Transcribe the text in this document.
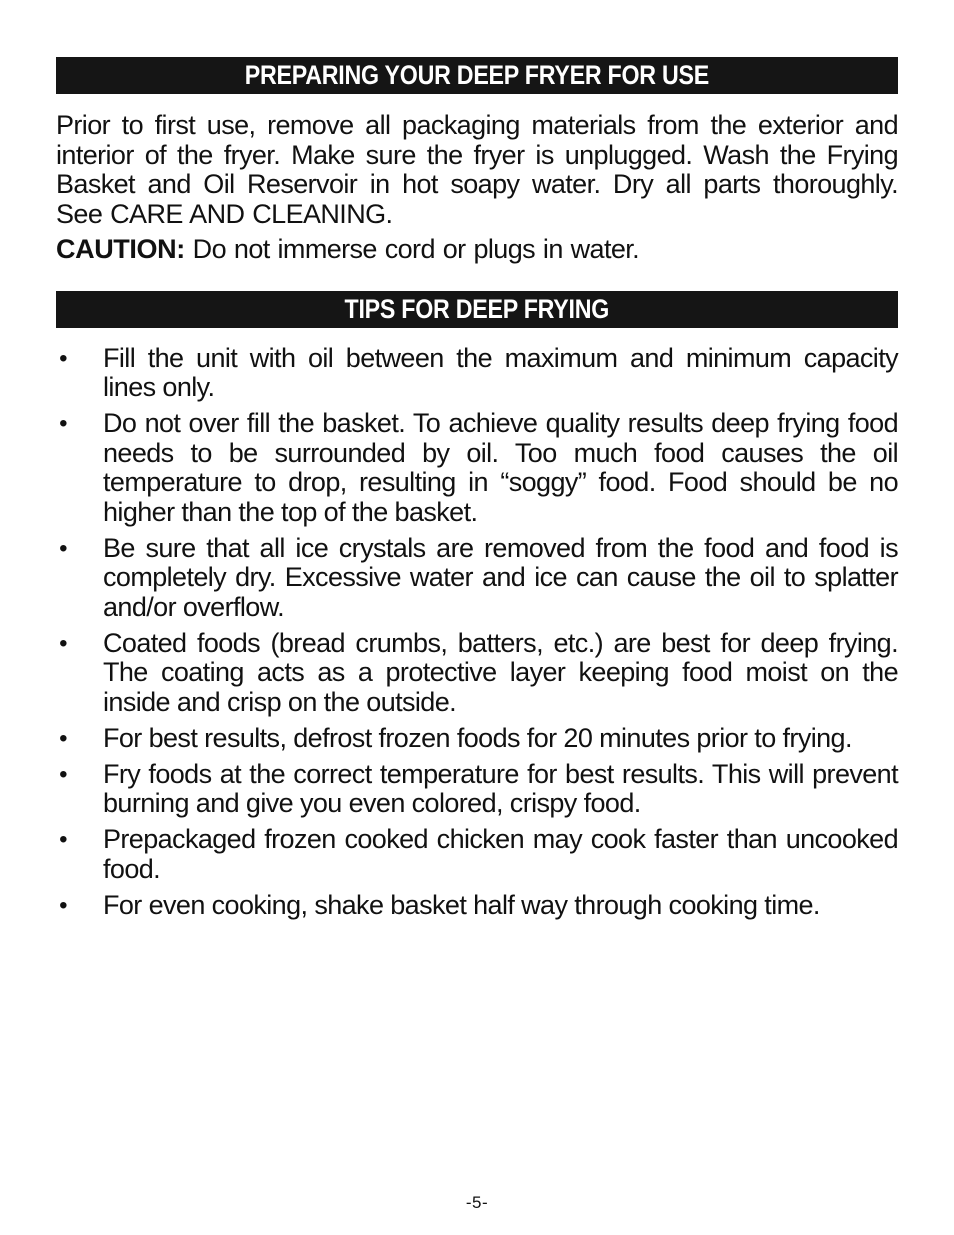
PREPARING YOUR DEEP FRYER FOR USE

Prior to first use, remove all packaging materials from the exterior and interior of the fryer. Make sure the fryer is unplugged. Wash the Frying Basket and Oil Reservoir in hot soapy water. Dry all parts thoroughly. See CARE AND CLEANING.

CAUTION: Do not immerse cord or plugs in water.

TIPS FOR DEEP FRYING
• Fill the unit with oil between the maximum and minimum capacity lines only.
• Do not over fill the basket. To achieve quality results deep frying food needs to be surrounded by oil. Too much food causes the oil temperature to drop, resulting in “soggy” food. Food should be no higher than the top of the basket.
• Be sure that all ice crystals are removed from the food and food is completely dry. Excessive water and ice can cause the oil to splatter and/or overflow.
• Coated foods (bread crumbs, batters, etc.) are best for deep frying. The coating acts as a protective layer keeping food moist on the inside and crisp on the outside.
• For best results, defrost frozen foods for 20 minutes prior to frying.
• Fry foods at the correct temperature for best results. This will prevent burning and give you even colored, crispy food.
• Prepackaged frozen cooked chicken may cook faster than uncooked food.
• For even cooking, shake basket half way through cooking time.
-5-
